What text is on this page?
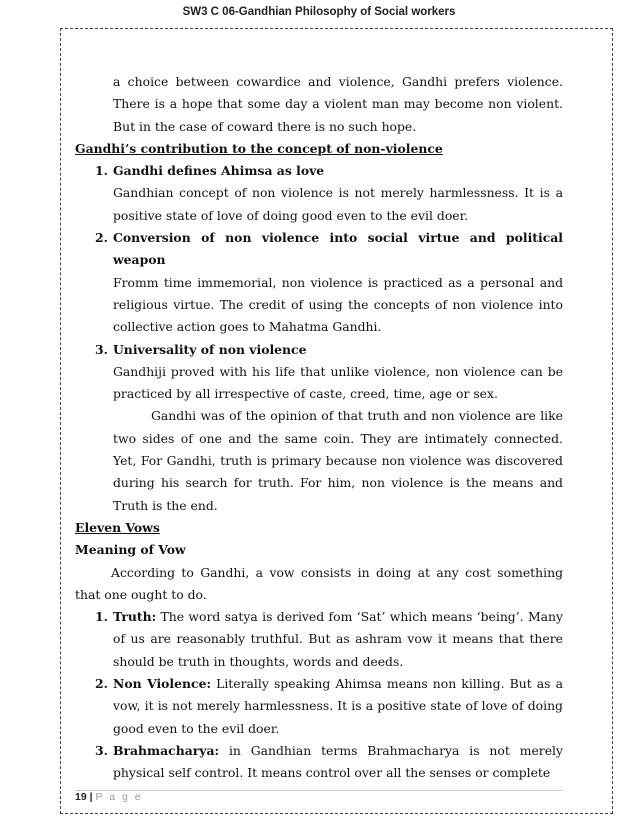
SW3 C 06-Gandhian Philosophy of Social workers

a choice between cowardice and violence, Gandhi prefers violence. There is a hope that some day a violent man may become non violent. But in the case of coward there is no such hope.

Gandhi’s contribution to the concept of non-violence

1. Gandhi defines Ahimsa as love

Gandhian concept of non violence is not merely harmlessness. It is a positive state of love of doing good even to the evil doer.

2. Conversion of non violence into social virtue and political weapon

Fromm time immemorial, non violence is practiced as a personal and religious virtue. The credit of using the concepts of non violence into collective action goes to Mahatma Gandhi.

3. Universality of non violence

Gandhiji proved with his life that unlike violence, non violence can be practiced by all irrespective of caste, creed, time, age or sex.

Gandhi was of the opinion of that truth and non violence are like two sides of one and the same coin. They are intimately connected. Yet, For Gandhi, truth is primary because non violence was discovered during his search for truth. For him, non violence is the means and Truth is the end.

Eleven Vows

Meaning of Vow

According to Gandhi, a vow consists in doing at any cost something that one ought to do.

1. Truth: The word satya is derived fom ‘Sat’ which means ‘being’. Many of us are reasonably truthful. But as ashram vow it means that there should be truth in thoughts, words and deeds.
2. Non Violence: Literally speaking Ahimsa means non killing. But as a vow, it is not merely harmlessness. It is a positive state of love of doing good even to the evil doer.
3. Brahmacharya: in Gandhian terms Brahmacharya is not merely physical self control. It means control over all the senses or complete
19 | P a g e
